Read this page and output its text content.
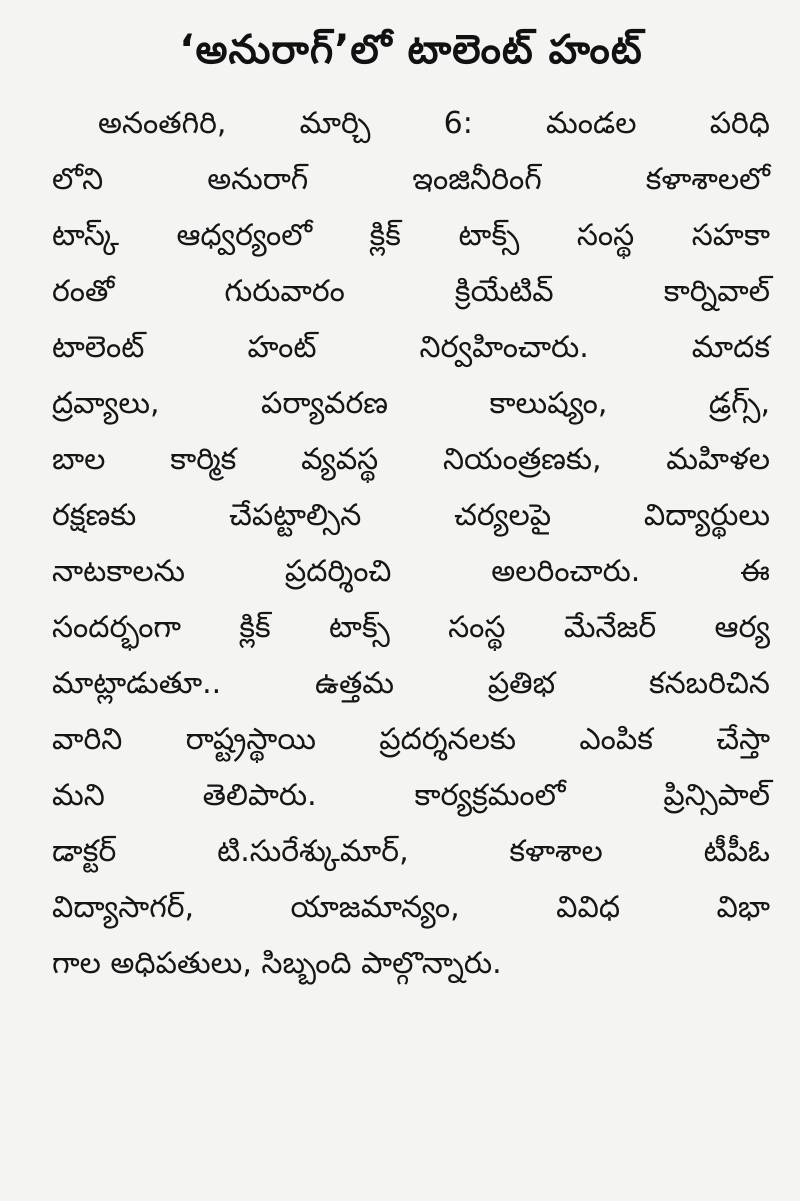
‘అనురాగ్’లో టాలెంట్ హంట్
అనంతగిరి, మార్చి 6: మండల పరిధి
లోని అనురాగ్ ఇంజినీరింగ్ కళాశాలలో
టాస్క్ ఆధ్వర్యంలో క్లిక్ టాక్స్ సంస్థ సహకా
రంతో గురువారం క్రియేటివ్ కార్నివాల్
టాలెంట్ హంట్ నిర్వహించారు. మాదక
ద్రవ్యాలు, పర్యావరణ కాలుష్యం, డ్రగ్స్,
బాల కార్మిక వ్యవస్థ నియంత్రణకు, మహిళల
రక్షణకు చేపట్టాల్సిన చర్యలపై విద్యార్థులు
నాటకాలను ప్రదర్శించి అలరించారు. ఈ
సందర్భంగా క్లిక్ టాక్స్ సంస్థ మేనేజర్ ఆర్య
మాట్లాడుతూ.. ఉత్తమ ప్రతిభ కనబరిచిన
వారిని రాష్ట్రస్థాయి ప్రదర్శనలకు ఎంపిక చేస్తా
మని తెలిపారు. కార్యక్రమంలో ప్రిన్సిపాల్
డాక్టర్ టి.సురేశ్కుమార్, కళాశాల టీపీఓ
విద్యాసాగర్, యాజమాన్యం, వివిధ విభా
గాల అధిపతులు, సిబ్బంది పాల్గొన్నారు.
